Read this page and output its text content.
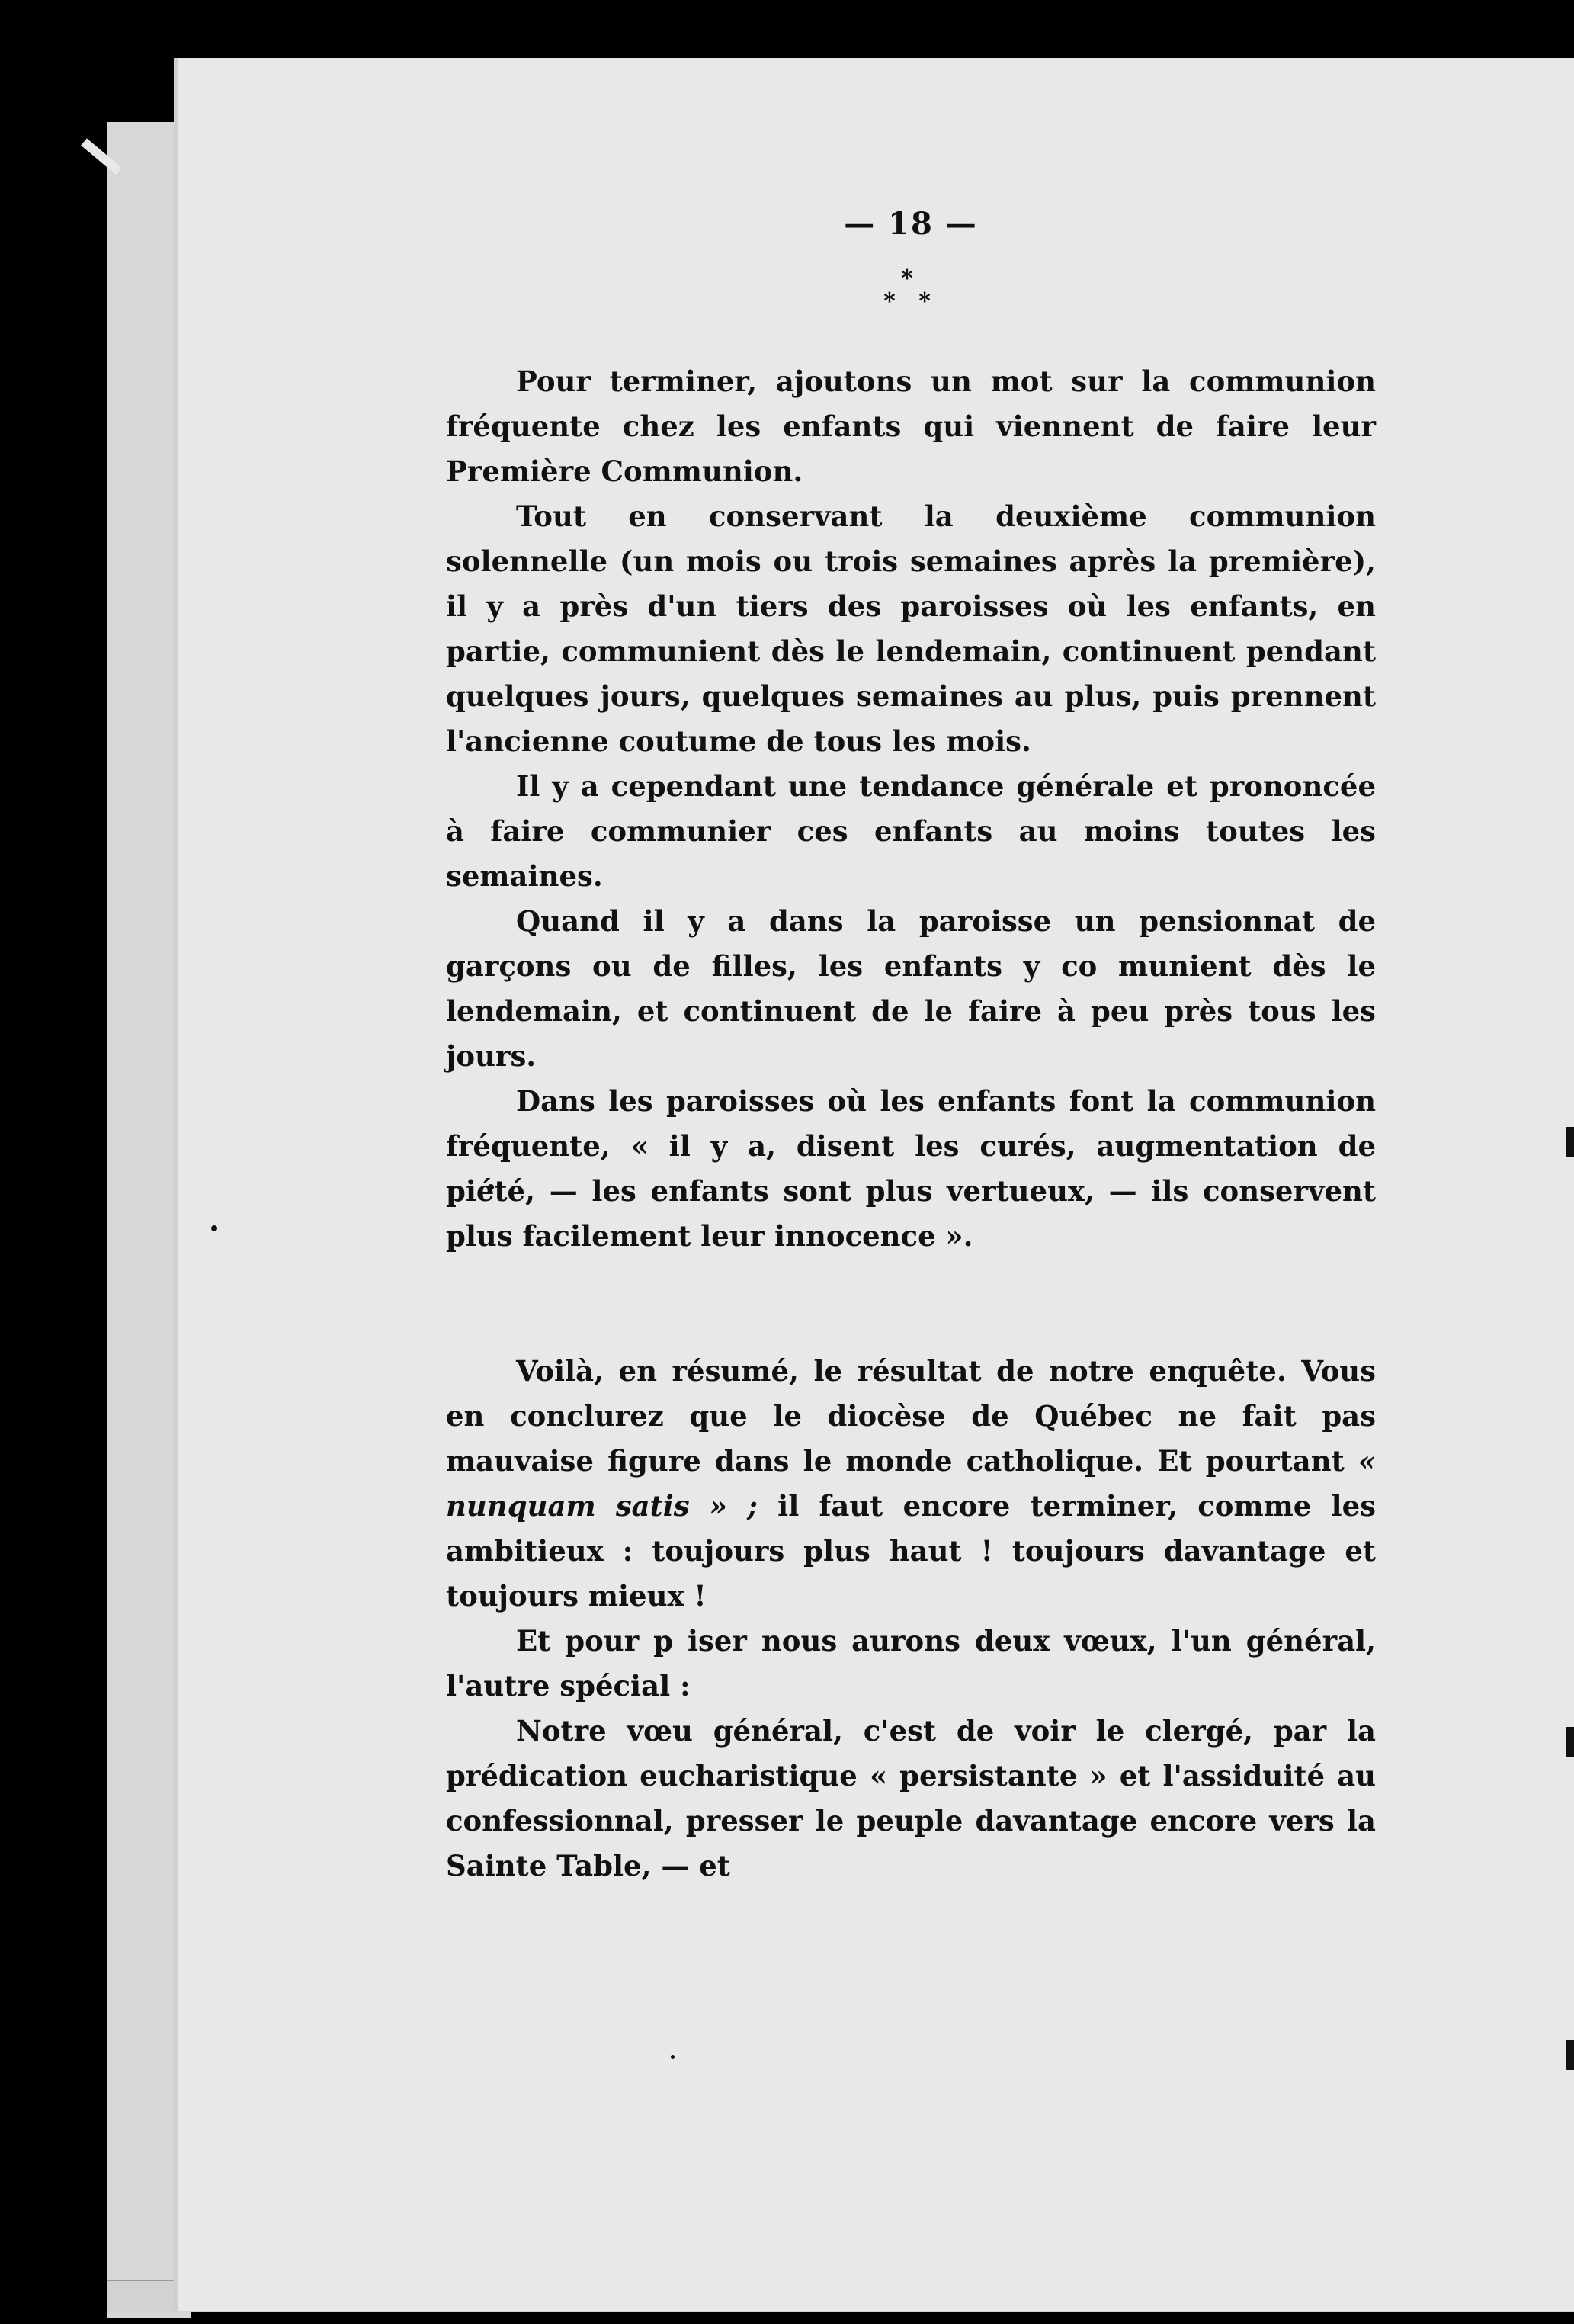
— 18 —
*
* *

Pour terminer, ajoutons un mot sur la communion fréquente chez les enfants qui viennent de faire leur Première Communion.

Tout en conservant la deuxième communion solennelle (un mois ou trois semaines après la première), il y a près d'un tiers des paroisses où les enfants, en partie, communient dès le lendemain, continuent pendant quelques jours, quelques semaines au plus, puis prennent l'ancienne coutume de tous les mois.

Il y a cependant une tendance générale et prononcée à faire communier ces enfants au moins toutes les semaines.

Quand il y a dans la paroisse un pensionnat de garçons ou de filles, les enfants y co munient dès le lendemain, et continuent de le faire à peu près tous les jours.

Dans les paroisses où les enfants font la communion fréquente, « il y a, disent les curés, augmentation de piété, — les enfants sont plus vertueux, — ils conservent plus facilement leur innocence ».

Voilà, en résumé, le résultat de notre enquête. Vous en conclurez que le diocèse de Québec ne fait pas mauvaise figure dans le monde catholique. Et pourtant « nunquam satis » ; il faut encore terminer, comme les ambitieux : toujours plus haut ! toujours davantage et toujours mieux !

Et pour p iser nous aurons deux vœux, l'un général, l'autre spécial :

Notre vœu général, c'est de voir le clergé, par la prédication eucharistique « persistante » et l'assiduité au confessionnal, presser le peuple davantage encore vers la Sainte Table, — et
